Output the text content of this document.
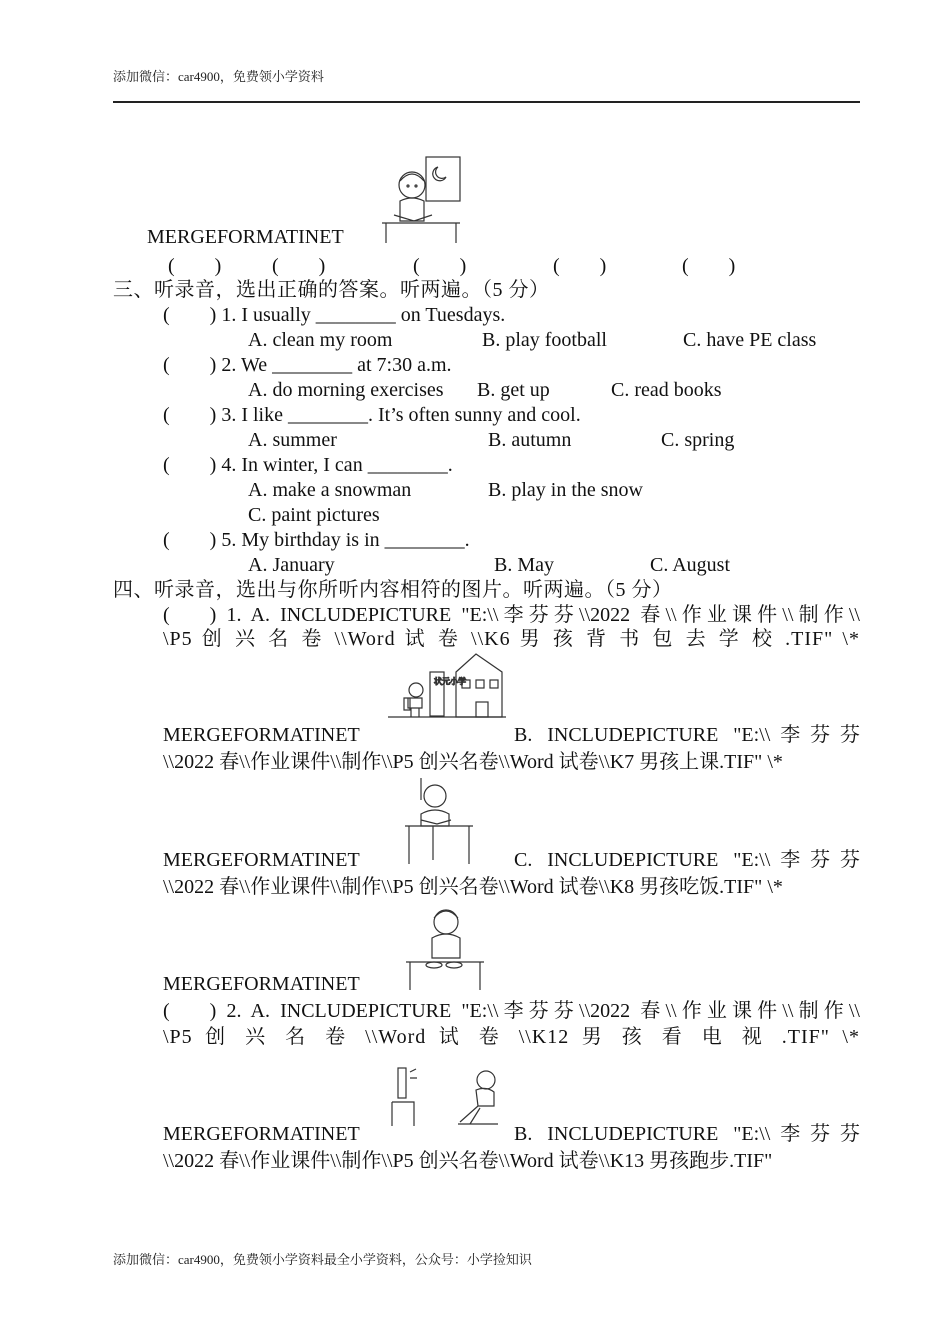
添加微信：car4900，免费领小学资料
MERGEFORMATINET
(  )	(  )	(  )	(  )	(  )
三、听录音，选出正确的答案。听两遍。（5 分）
(  ) 1. I usually ________ on Tuesdays.
A. clean my room	B. play football	C. have PE class
(  ) 2. We ________ at 7:30 a.m.
A. do morning exercises B. get up	C. read books
(  ) 3. I like ________. It’s often sunny and cool.
A. summer	B. autumn	C. spring
(  ) 4. In winter, I can ________.
A. make a snowman	B. play in the snow
C. paint pictures
(  ) 5. My birthday is in ________.
A. January	B. May	C. August
四、听录音，选出与你所听内容相符的图片。听两遍。（5 分）
(  ) 1. A. INCLUDEPICTURE "E:\\李芬芬\\2022 春\\作业课件\\制作\\
\P5 创 兴 名 卷 \\Word 试 卷 \\K6 男 孩 背 书 包 去 学 校 .TIF" \*
状元小学
MERGEFORMATINET	B. INCLUDEPICTURE "E:\\李芬芬
\\2022 春\\作业课件\\制作\\P5 创兴名卷\\Word 试卷\\K7 男孩上课.TIF" \*
MERGEFORMATINET	C. INCLUDEPICTURE "E:\\李芬芬
\\2022 春\\作业课件\\制作\\P5 创兴名卷\\Word 试卷\\K8 男孩吃饭.TIF" \*
MERGEFORMATINET
(  ) 2. A. INCLUDEPICTURE "E:\\李芬芬\\2022 春\\作业课件\\制作\\
\P5 创 兴 名 卷 \\Word 试 卷 \\K12 男 孩 看 电 视 .TIF" \*
MERGEFORMATINET	B. INCLUDEPICTURE "E:\\李芬芬
\\2022 春\\作业课件\\制作\\P5 创兴名卷\\Word 试卷\\K13 男孩跑步.TIF"
添加微信：car4900，免费领小学资料最全小学资料，公众号：小学捡知识
